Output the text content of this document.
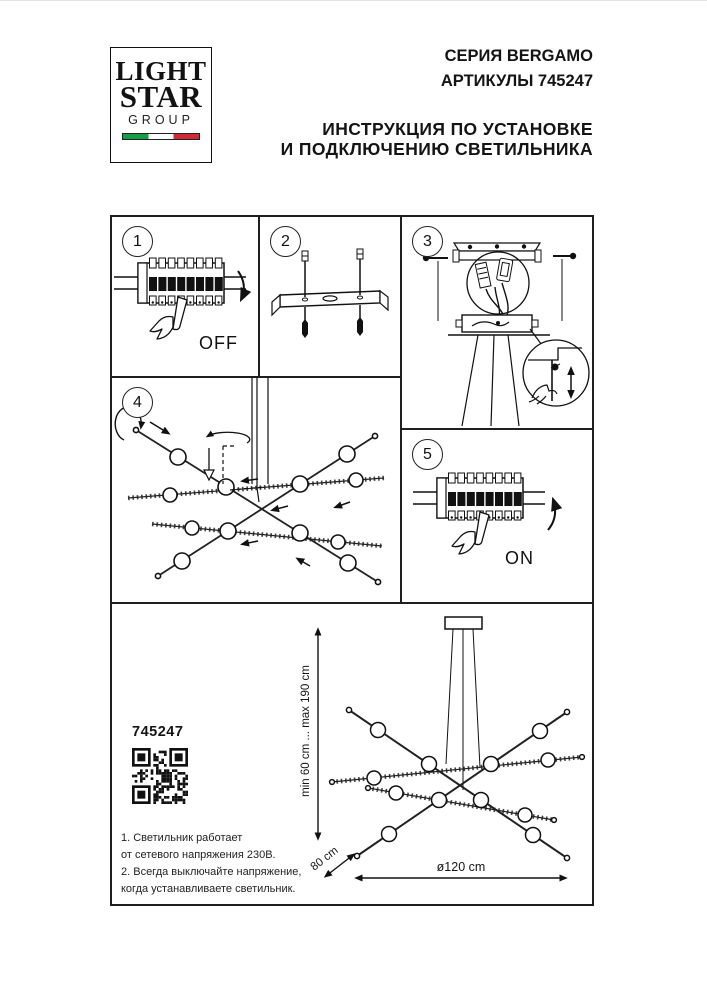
LIGHT
STAR
GROUP
СЕРИЯ BERGAMO
АРТИКУЛЫ 745247
ИНСТРУКЦИЯ ПО УСТАНОВКЕ
И ПОДКЛЮЧЕНИЮ СВЕТИЛЬНИКА
OFF
1	2	3
4
ON
5
745247
1. Светильник работает
от сетевого напряжения 230В.
2. Всегда выключайте напряжение,
когда устанавливаете светильник.
min 60 cm ... max 190 cm
80 cm	ø120 cm
